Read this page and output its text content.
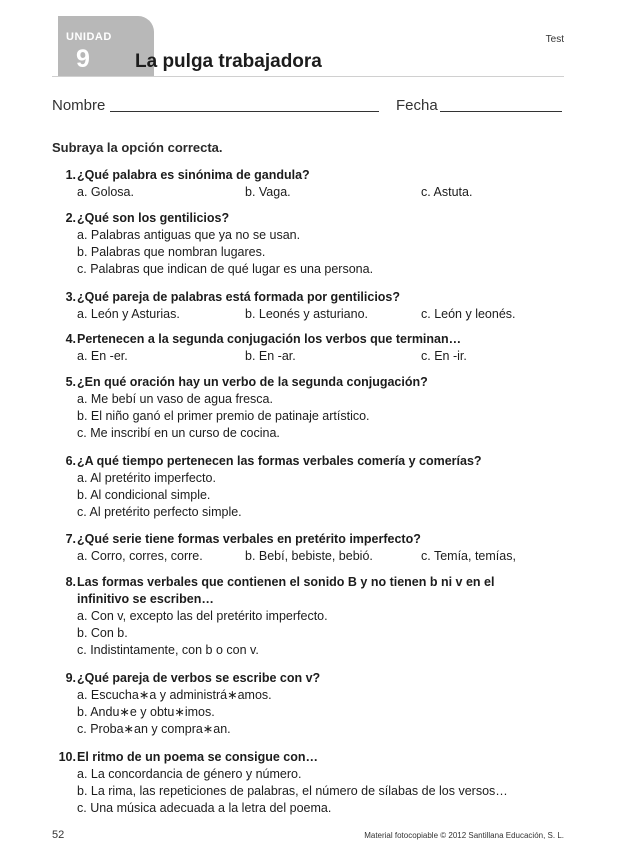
UNIDAD
9 La pulga trabajadora
Test
Nombre	Fecha
Subraya la opción correcta.
1. ¿Qué palabra es sinónima de gandula?
a. Golosa.	b. Vaga.	c. Astuta.
2. ¿Qué son los gentilicios?
a. Palabras antiguas que ya no se usan.
b. Palabras que nombran lugares.
c. Palabras que indican de qué lugar es una persona.
3. ¿Qué pareja de palabras está formada por gentilicios?
a. León y Asturias.	b. Leonés y asturiano.	c. León y leonés.
4. Pertenecen a la segunda conjugación los verbos que terminan…
a. En -er.	b. En -ar.	c. En -ir.
5. ¿En qué oración hay un verbo de la segunda conjugación?
a. Me bebí un vaso de agua fresca.
b. El niño ganó el primer premio de patinaje artístico.
c. Me inscribí en un curso de cocina.
6. ¿A qué tiempo pertenecen las formas verbales comería y comerías?
a. Al pretérito imperfecto.
b. Al condicional simple.
c. Al pretérito perfecto simple.
7. ¿Qué serie tiene formas verbales en pretérito imperfecto?
a. Corro, corres, corre.	b. Bebí, bebiste, bebió.	c. Temía, temías,
8. Las formas verbales que contienen el sonido B y no tienen b ni v en el infinitivo se escriben…
a. Con v, excepto las del pretérito imperfecto.
b. Con b.
c. Indistintamente, con b o con v.
9. ¿Qué pareja de verbos se escribe con v?
a. Escucha∗a y administrá∗amos.
b. Andu∗e y obtu∗imos.
c. Proba∗an y compra∗an.
10. El ritmo de un poema se consigue con…
a. La concordancia de género y número.
b. La rima, las repeticiones de palabras, el número de sílabas de los versos…
c. Una música adecuada a la letra del poema.
52	Material fotocopiable © 2012 Santillana Educación, S. L.
